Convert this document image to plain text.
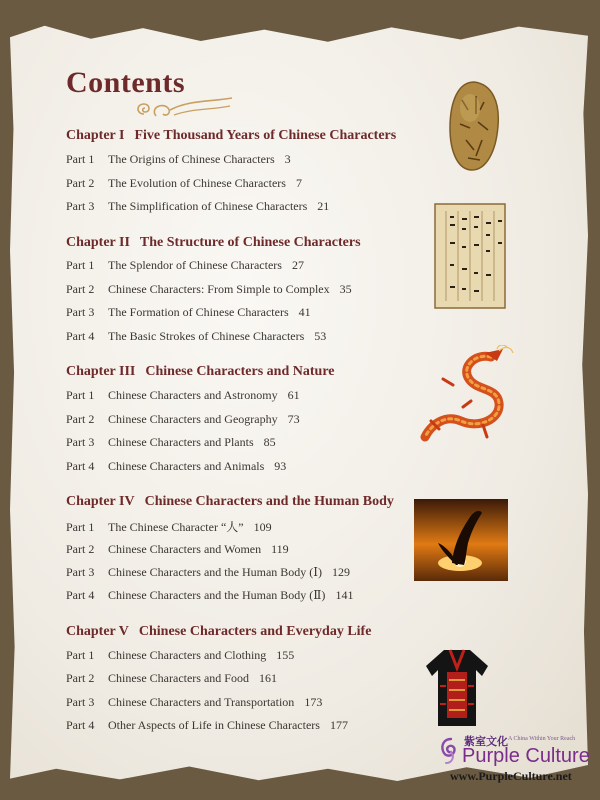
Contents
Chapter I Five Thousand Years of Chinese Characters
Part 1 The Origins of Chinese Characters 3
Part 2 The Evolution of Chinese Characters 7
Part 3 The Simplification of Chinese Characters 21
Chapter II The Structure of Chinese Characters
Part 1 The Splendor of Chinese Characters 27
Part 2 Chinese Characters: From Simple to Complex 35
Part 3 The Formation of Chinese Characters 41
Part 4 The Basic Strokes of Chinese Characters 53
Chapter III Chinese Characters and Nature
Part 1 Chinese Characters and Astronomy 61
Part 2 Chinese Characters and Geography 73
Part 3 Chinese Characters and Plants 85
Part 4 Chinese Characters and Animals 93
Chapter IV Chinese Characters and the Human Body
Part 1 The Chinese Character “人” 109
Part 2 Chinese Characters and Women 119
Part 3 Chinese Characters and the Human Body (Ⅰ) 129
Part 4 Chinese Characters and the Human Body (Ⅱ) 141
Chapter V Chinese Characters and Everyday Life
Part 1 Chinese Characters and Clothing 155
Part 2 Chinese Characters and Food 161
Part 3 Chinese Characters and Transportation 173
Part 4 Other Aspects of Life in Chinese Characters 177
紫室文化 A China Within Your Reach
Purple Culture
www.PurpleCulture.net
